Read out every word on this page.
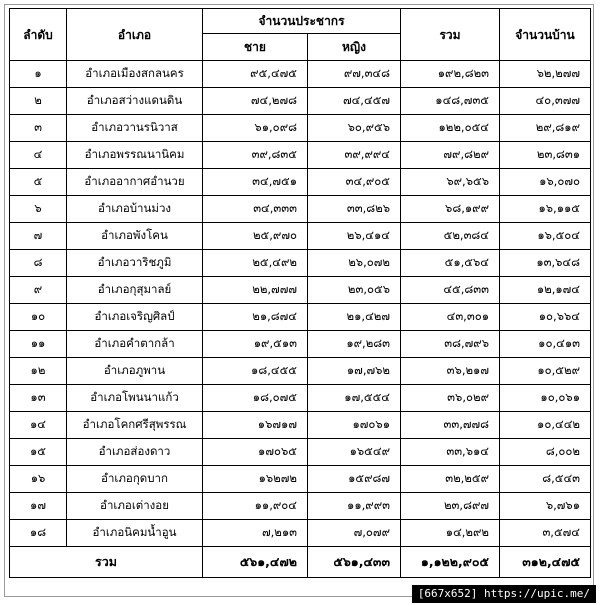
ลำดับ	อำเภอ	จำนวนประชากร		รวม	จำนวนบ้าน
		ชาย	หญิง		
๑	อำเภอเมืองสกลนคร	๙๕,๔๗๕	๙๗,๓๔๘	๑๙๒,๘๒๓	๖๒,๒๗๗
๒	อำเภอสว่างแดนดิน	๗๔,๒๗๘	๗๔,๔๕๗	๑๔๘,๗๓๕	๔๐,๓๗๗
๓	อำเภอวานรนิวาส	๖๑,๐๙๘	๖๐,๙๕๖	๑๒๒,๐๕๔	๒๙,๘๑๙
๔	อำเภอพรรณนานิคม	๓๙,๘๓๕	๓๙,๙๙๔	๗๙,๘๒๙	๒๓,๘๓๑
๕	อำเภออากาศอำนวย	๓๔,๗๕๑	๓๔,๙๐๕	๖๙,๖๕๖	๑๖,๐๗๐
๖	อำเภอบ้านม่วง	๓๔,๓๓๓	๓๓,๘๒๖	๖๘,๑๙๙	๑๖,๑๑๕
๗	อำเภอพังโคน	๒๕,๙๗๐	๒๖,๔๑๔	๕๒,๓๘๔	๑๖,๕๐๔
๘	อำเภอวาริชภูมิ	๒๕,๔๙๒	๒๖,๐๗๒	๕๑,๕๖๔	๑๓,๖๔๘
๙	อำเภอกุสุมาลย์	๒๒,๗๗๗	๒๓,๐๕๖	๔๕,๘๓๓	๑๒,๑๗๔
๑๐	อำเภอเจริญศิลป์	๒๑,๘๗๔	๒๑,๔๒๗	๔๓,๓๐๑	๑๐,๖๖๔
๑๑	อำเภอคำตากล้า	๑๙,๕๑๓	๑๙,๒๘๓	๓๘,๗๙๖	๑๐,๔๑๓
๑๒	อำเภอภูพาน	๑๘,๔๕๕	๑๗,๗๖๒	๓๖,๒๑๗	๑๐,๕๒๙
๑๓	อำเภอโพนนาแก้ว	๑๘,๐๗๕	๑๗,๕๕๔	๓๖,๐๒๙	๑๐,๐๖๑
๑๔	อำเภอโคกศรีสุพรรณ	๑๖๗๑๗	๑๗๐๖๑	๓๓,๗๗๘	๑๐,๔๔๒
๑๕	อำเภอส่องดาว	๑๗๐๖๕	๑๖๕๔๙	๓๓,๖๑๔	๘,๐๐๒
๑๖	อำเภอกุดบาก	๑๖๒๗๒	๑๕๙๘๗	๓๒,๒๕๙	๘,๕๔๓
๑๗	อำเภอเต่างอย	๑๑,๙๐๔	๑๑,๙๙๓	๒๓,๘๙๗	๖,๗๖๑
๑๘	อำเภอนิคมน้ำอูน	๗,๒๑๓	๗,๐๗๙	๑๔,๒๙๒	๓,๕๗๔
รวม		๕๖๑,๔๗๒	๕๖๑,๔๓๓	๑,๑๒๒,๙๐๕	๓๑๒,๔๗๕
[667x652] https://upic.me/
